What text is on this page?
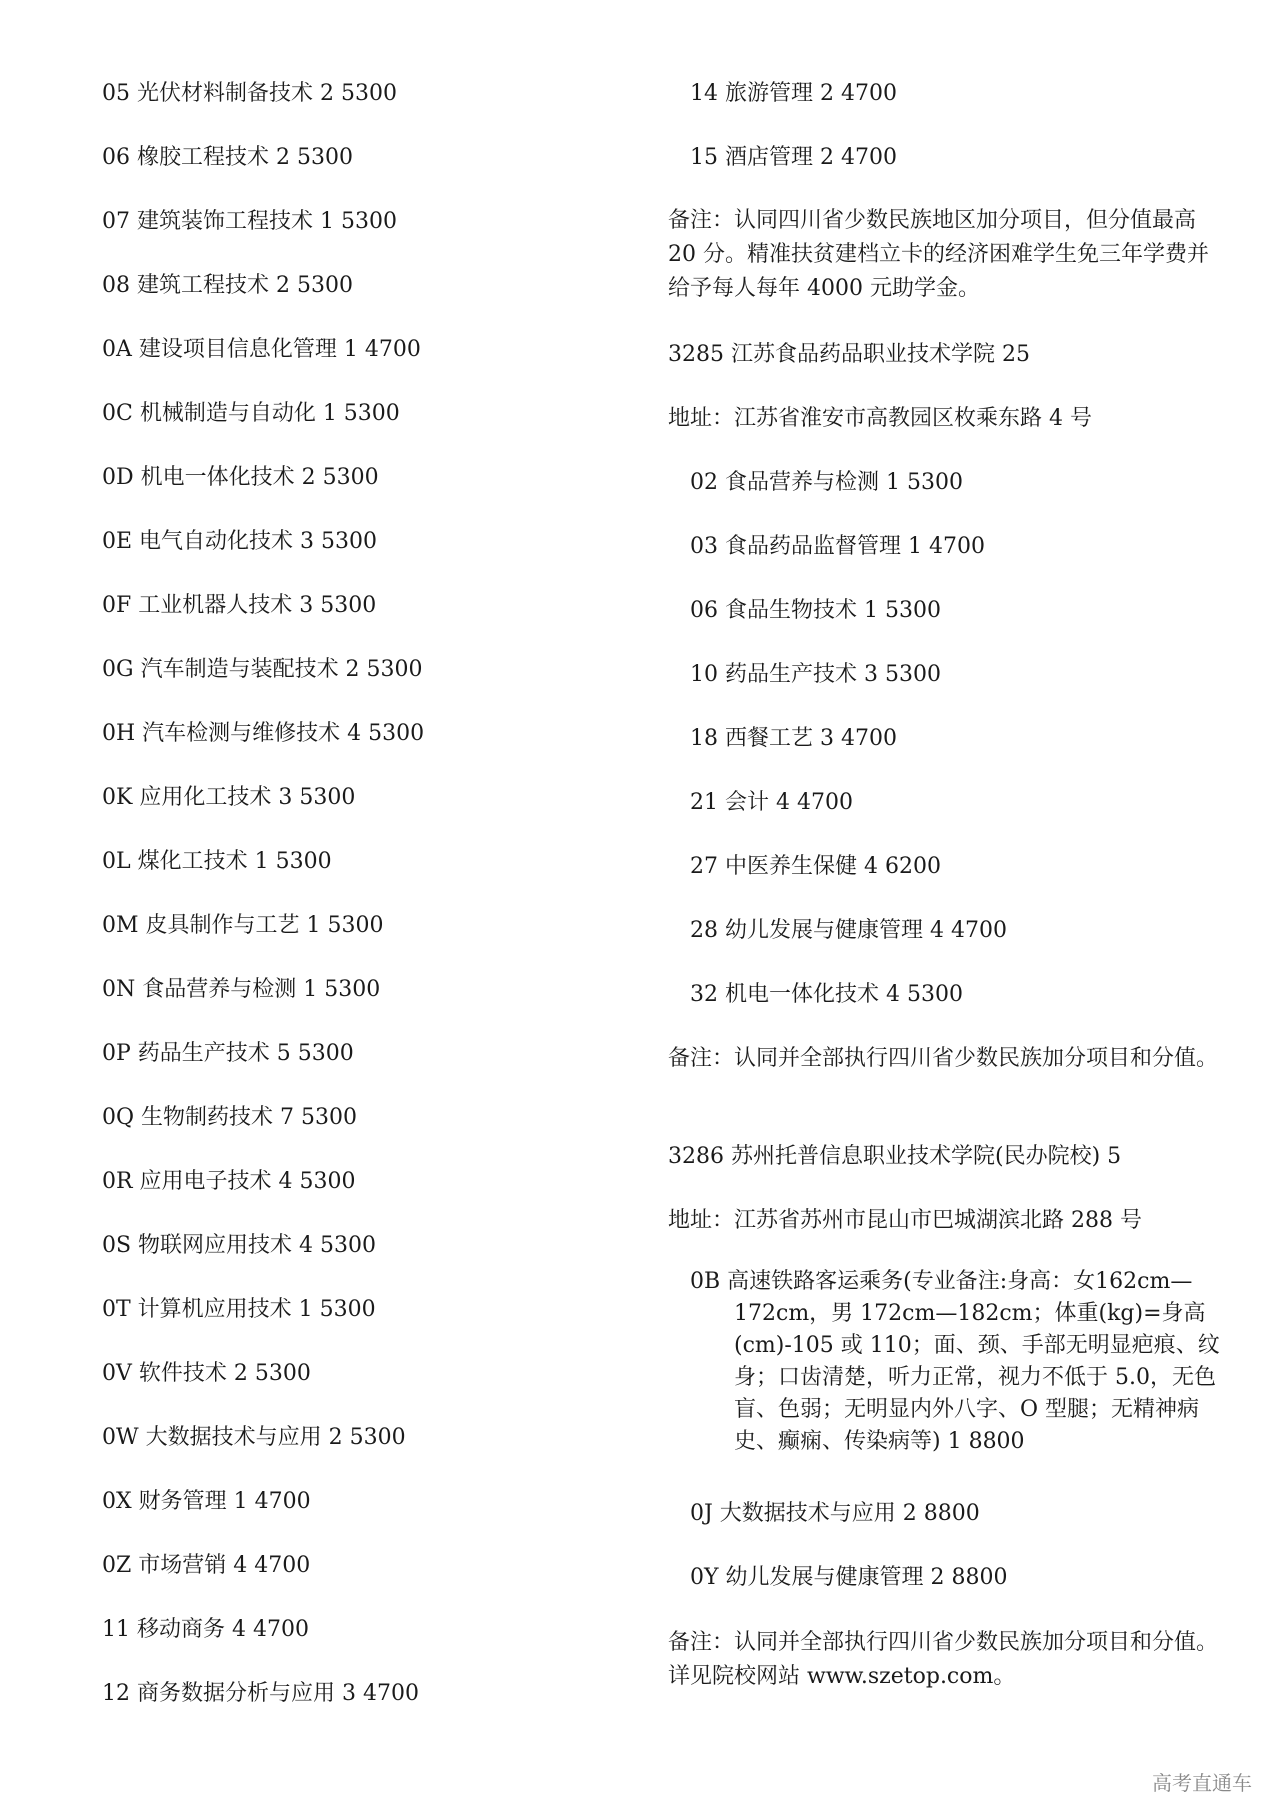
05 光伏材料制备技术 2 5300
06 橡胶工程技术 2 5300
07 建筑装饰工程技术 1 5300
08 建筑工程技术 2 5300
0A 建设项目信息化管理 1 4700
0C 机械制造与自动化 1 5300
0D 机电一体化技术 2 5300
0E 电气自动化技术 3 5300
0F 工业机器人技术 3 5300
0G 汽车制造与装配技术 2 5300
0H 汽车检测与维修技术 4 5300
0K 应用化工技术 3 5300
0L 煤化工技术 1 5300
0M 皮具制作与工艺 1 5300
0N 食品营养与检测 1 5300
0P 药品生产技术 5 5300
0Q 生物制药技术 7 5300
0R 应用电子技术 4 5300
0S 物联网应用技术 4 5300
0T 计算机应用技术 1 5300
0V 软件技术 2 5300
0W 大数据技术与应用 2 5300
0X 财务管理 1 4700
0Z 市场营销 4 4700
11 移动商务 4 4700
12 商务数据分析与应用 3 4700
14 旅游管理 2 4700
15 酒店管理 2 4700
备注：认同四川省少数民族地区加分项目，但分值最高 20 分。精准扶贫建档立卡的经济困难学生免三年学费并给予每人每年 4000 元助学金。
3285 江苏食品药品职业技术学院 25
地址：江苏省淮安市高教园区枚乘东路 4 号
02 食品营养与检测 1 5300
03 食品药品监督管理 1 4700
06 食品生物技术 1 5300
10 药品生产技术 3 5300
18 西餐工艺 3 4700
21 会计 4 4700
27 中医养生保健 4 6200
28 幼儿发展与健康管理 4 4700
32 机电一体化技术 4 5300
备注：认同并全部执行四川省少数民族加分项目和分值。
3286 苏州托普信息职业技术学院(民办院校) 5
地址：江苏省苏州市昆山市巴城湖滨北路 288 号
0B 高速铁路客运乘务(专业备注:身高：女162cm—172cm，男 172cm—182cm；体重(kg)=身高(cm)-105 或 110；面、颈、手部无明显疤痕、纹身；口齿清楚，听力正常，视力不低于 5.0，无色盲、色弱；无明显内外八字、O 型腿；无精神病史、癫痫、传染病等) 1 8800
0J 大数据技术与应用 2 8800
0Y 幼儿发展与健康管理 2 8800
备注：认同并全部执行四川省少数民族加分项目和分值。详见院校网站 www.szetop.com。
高考直通车
